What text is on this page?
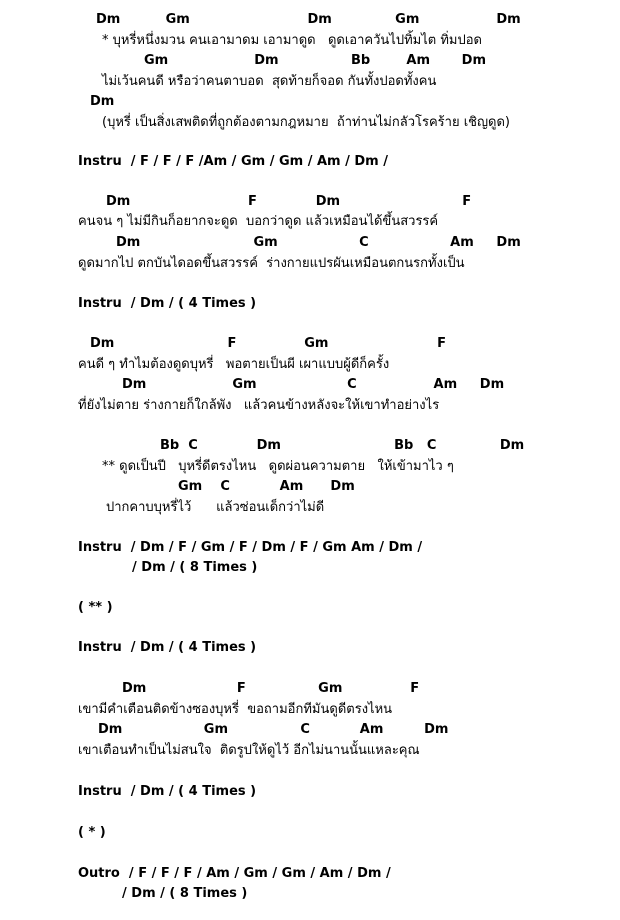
Dm          Gm                          Dm              Gm                 Dm
* บุหรี่หนึ่งมวน คนเอามาดม เอามาดูด   ดูดเอาควันไปทิ้มไต ทิ่มปอด
Gm                   Dm                Bb        Am       Dm
ไม่เว้นคนดี หรือว่าคนตาบอด  สุดท้ายก็จอด กันทั้งปอดทั้งคน
Dm
(บุหรี่ เป็นสิ่งเสพติดที่ถูกต้องตามกฎหมาย  ถ้าท่านไม่กลัวโรคร้าย เชิญดูด)
Instru  / F / F / F /Am / Gm / Gm / Am / Dm /
Dm                          F             Dm                           F
คนจน ๆ ไม่มีกินก็อยากจะดูด  บอกว่าดูด แล้วเหมือนได้ขึ้นสวรรค์
Dm                         Gm                  C                  Am     Dm
ดูดมากไป ตกบันไดอดขึ้นสวรรค์  ร่างกายแปรผันเหมือนตกนรกทั้งเป็น
Instru  / Dm / ( 4 Times )
Dm                         F               Gm                        F
คนดี ๆ ทำไมต้องดูดบุหรี่   พอตายเป็นผี เผาแบบผู้ดีก็ครั้ง
Dm                   Gm                    C                 Am     Dm
ที่ยังไม่ตาย ร่างกายก็ใกล้พัง   แล้วคนข้างหลังจะให้เขาทำอย่างไร
Bb  C             Dm                         Bb   C              Dm
** ดูดเป็นปี   บุหรี่ดีตรงไหน   ดูดผ่อนความตาย   ให้เข้ามาไว ๆ
Gm    C           Am      Dm
ปากคาบบุหรี่ไว้      แล้วซ่อนเด็กว่าไม่ดี
Instru  / Dm / F / Gm / F / Dm / F / Gm Am / Dm /
/ Dm / ( 8 Times )
( ** )
Instru  / Dm / ( 4 Times )
Dm                    F                Gm               F
เขามีคำเตือนติดข้างซองบุหรี่  ขอถามอีกทีมันดูดีตรงไหน
Dm                  Gm                C           Am         Dm
เขาเตือนทำเป็นไม่สนใจ  ติดรูปให้ดูไว้ อีกไม่นานนั้นแหละคุณ
Instru  / Dm / ( 4 Times )
( * )
Outro  / F / F / F / Am / Gm / Gm / Am / Dm /
/ Dm / ( 8 Times )
